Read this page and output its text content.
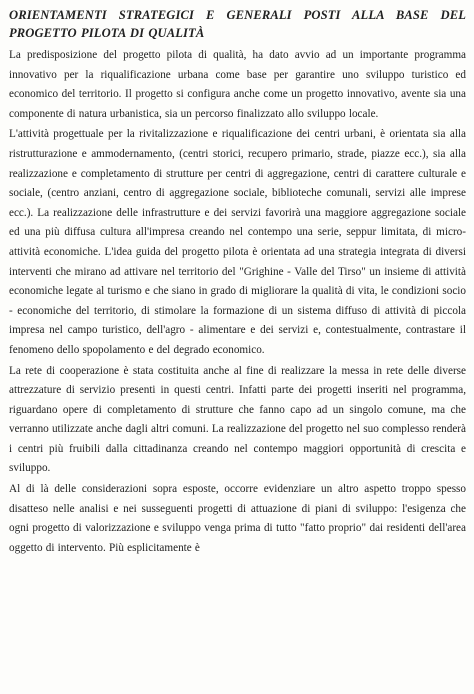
ORIENTAMENTI STRATEGICI E GENERALI POSTI ALLA BASE DEL
PROGETTO PILOTA DI QUALITÀ

La predisposizione del progetto pilota di qualità, ha dato avvio ad un importante programma innovativo per la riqualificazione urbana come base per garantire uno sviluppo turistico ed economico del territorio. Il progetto si configura anche come un progetto innovativo, avente sia una componente di natura urbanistica, sia un percorso finalizzato allo sviluppo locale.

L'attività progettuale per la rivitalizzazione e riqualificazione dei centri urbani, è orientata sia alla ristrutturazione e ammodernamento, (centri storici, recupero primario, strade, piazze ecc.), sia alla realizzazione e completamento di strutture per centri di aggregazione, centri di carattere culturale e sociale, (centro anziani, centro di aggregazione sociale, biblioteche comunali, servizi alle imprese ecc.). La realizzazione delle infrastrutture e dei servizi favorirà una maggiore aggregazione sociale ed una più diffusa cultura all'impresa creando nel contempo una serie, seppur limitata, di micro-attività economiche. L'idea guida del progetto pilota è orientata ad una strategia integrata di diversi interventi che mirano ad attivare nel territorio del "Grighine - Valle del Tirso" un insieme di attività economiche legate al turismo e che siano in grado di migliorare la qualità di vita, le condizioni socio - economiche del territorio, di stimolare la formazione di un sistema diffuso di attività di piccola impresa nel campo turistico, dell'agro - alimentare e dei servizi e, contestualmente, contrastare il fenomeno dello spopolamento e del degrado economico.

La rete di cooperazione è stata costituita anche al fine di realizzare la messa in rete delle diverse attrezzature di servizio presenti in questi centri. Infatti parte dei progetti inseriti nel programma, riguardano opere di completamento di strutture che fanno capo ad un singolo comune, ma che verranno utilizzate anche dagli altri comuni. La realizzazione del progetto nel suo complesso renderà i centri più fruibili dalla cittadinanza creando nel contempo maggiori opportunità di crescita e sviluppo.

Al di là delle considerazioni sopra esposte, occorre evidenziare un altro aspetto troppo spesso disatteso nelle analisi e nei susseguenti progetti di attuazione di piani di sviluppo: l'esigenza che ogni progetto di valorizzazione e sviluppo venga prima di tutto "fatto proprio" dai residenti dell'area oggetto di intervento. Più esplicitamente è
